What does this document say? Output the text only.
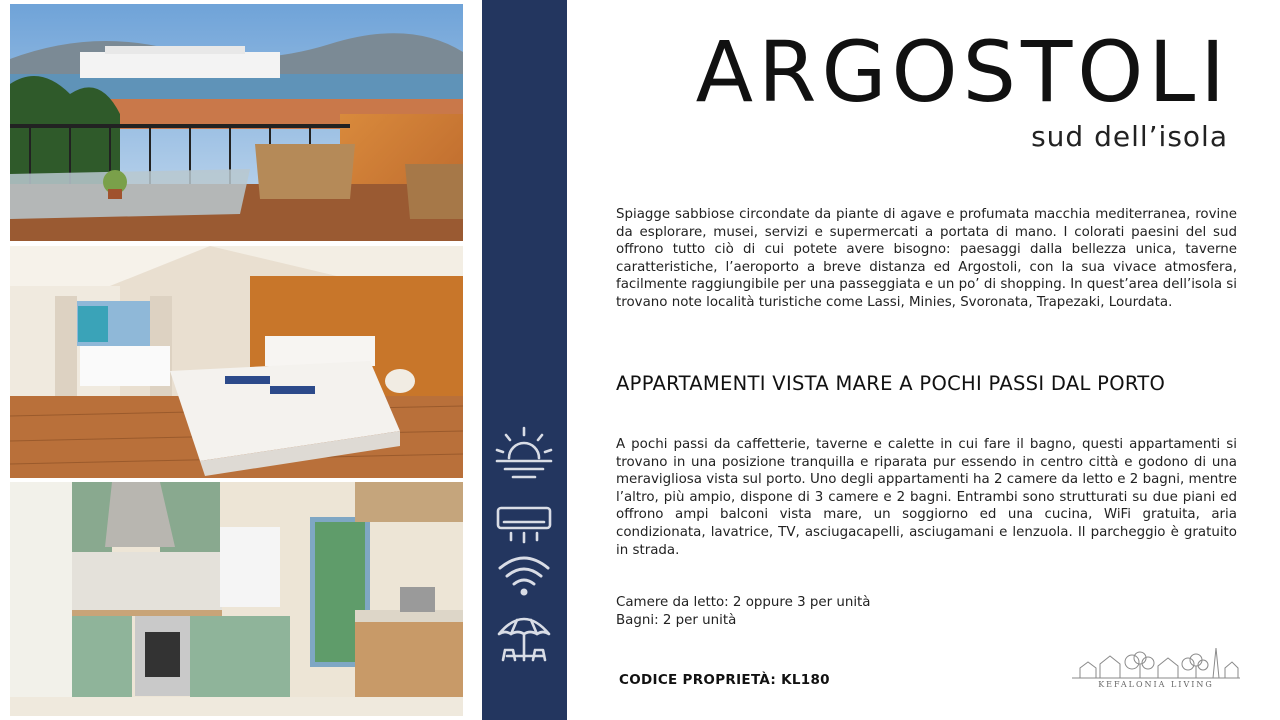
ARGOSTOLI
sud dell’isola
Spiagge sabbiose circondate da piante di agave e profumata macchia mediterranea, rovine da esplorare, musei, servizi e supermercati a portata di mano. I colorati paesini del sud offrono tutto ciò di cui potete avere bisogno: paesaggi dalla bellezza unica, taverne caratteristiche, l’aeroporto a breve distanza ed Argostoli, con la sua vivace atmosfera, facilmente raggiungibile per una passeggiata e un po’ di shopping. In quest’area dell’isola si trovano note località turistiche come Lassi, Minies, Svoronata, Trapezaki, Lourdata.
APPARTAMENTI VISTA MARE A POCHI PASSI DAL PORTO
A pochi passi da caffetterie, taverne e calette in cui fare il bagno, questi appartamenti si trovano in una posizione tranquilla e riparata pur essendo in centro città e godono di una meravigliosa vista sul porto. Uno degli appartamenti ha 2 camere da letto e 2 bagni, mentre l’altro, più ampio, dispone di 3 camere e 2 bagni. Entrambi sono strutturati su due piani ed offrono ampi balconi vista mare, un soggiorno ed una cucina, WiFi gratuita, aria condizionata, lavatrice, TV, asciugacapelli, asciugamani e lenzuola. Il parcheggio è gratuito in strada.
Camere da letto: 2 oppure 3 per unità
Bagni: 2 per unità
CODICE PROPRIETÀ: KL180	KEFALONIA LIVING
